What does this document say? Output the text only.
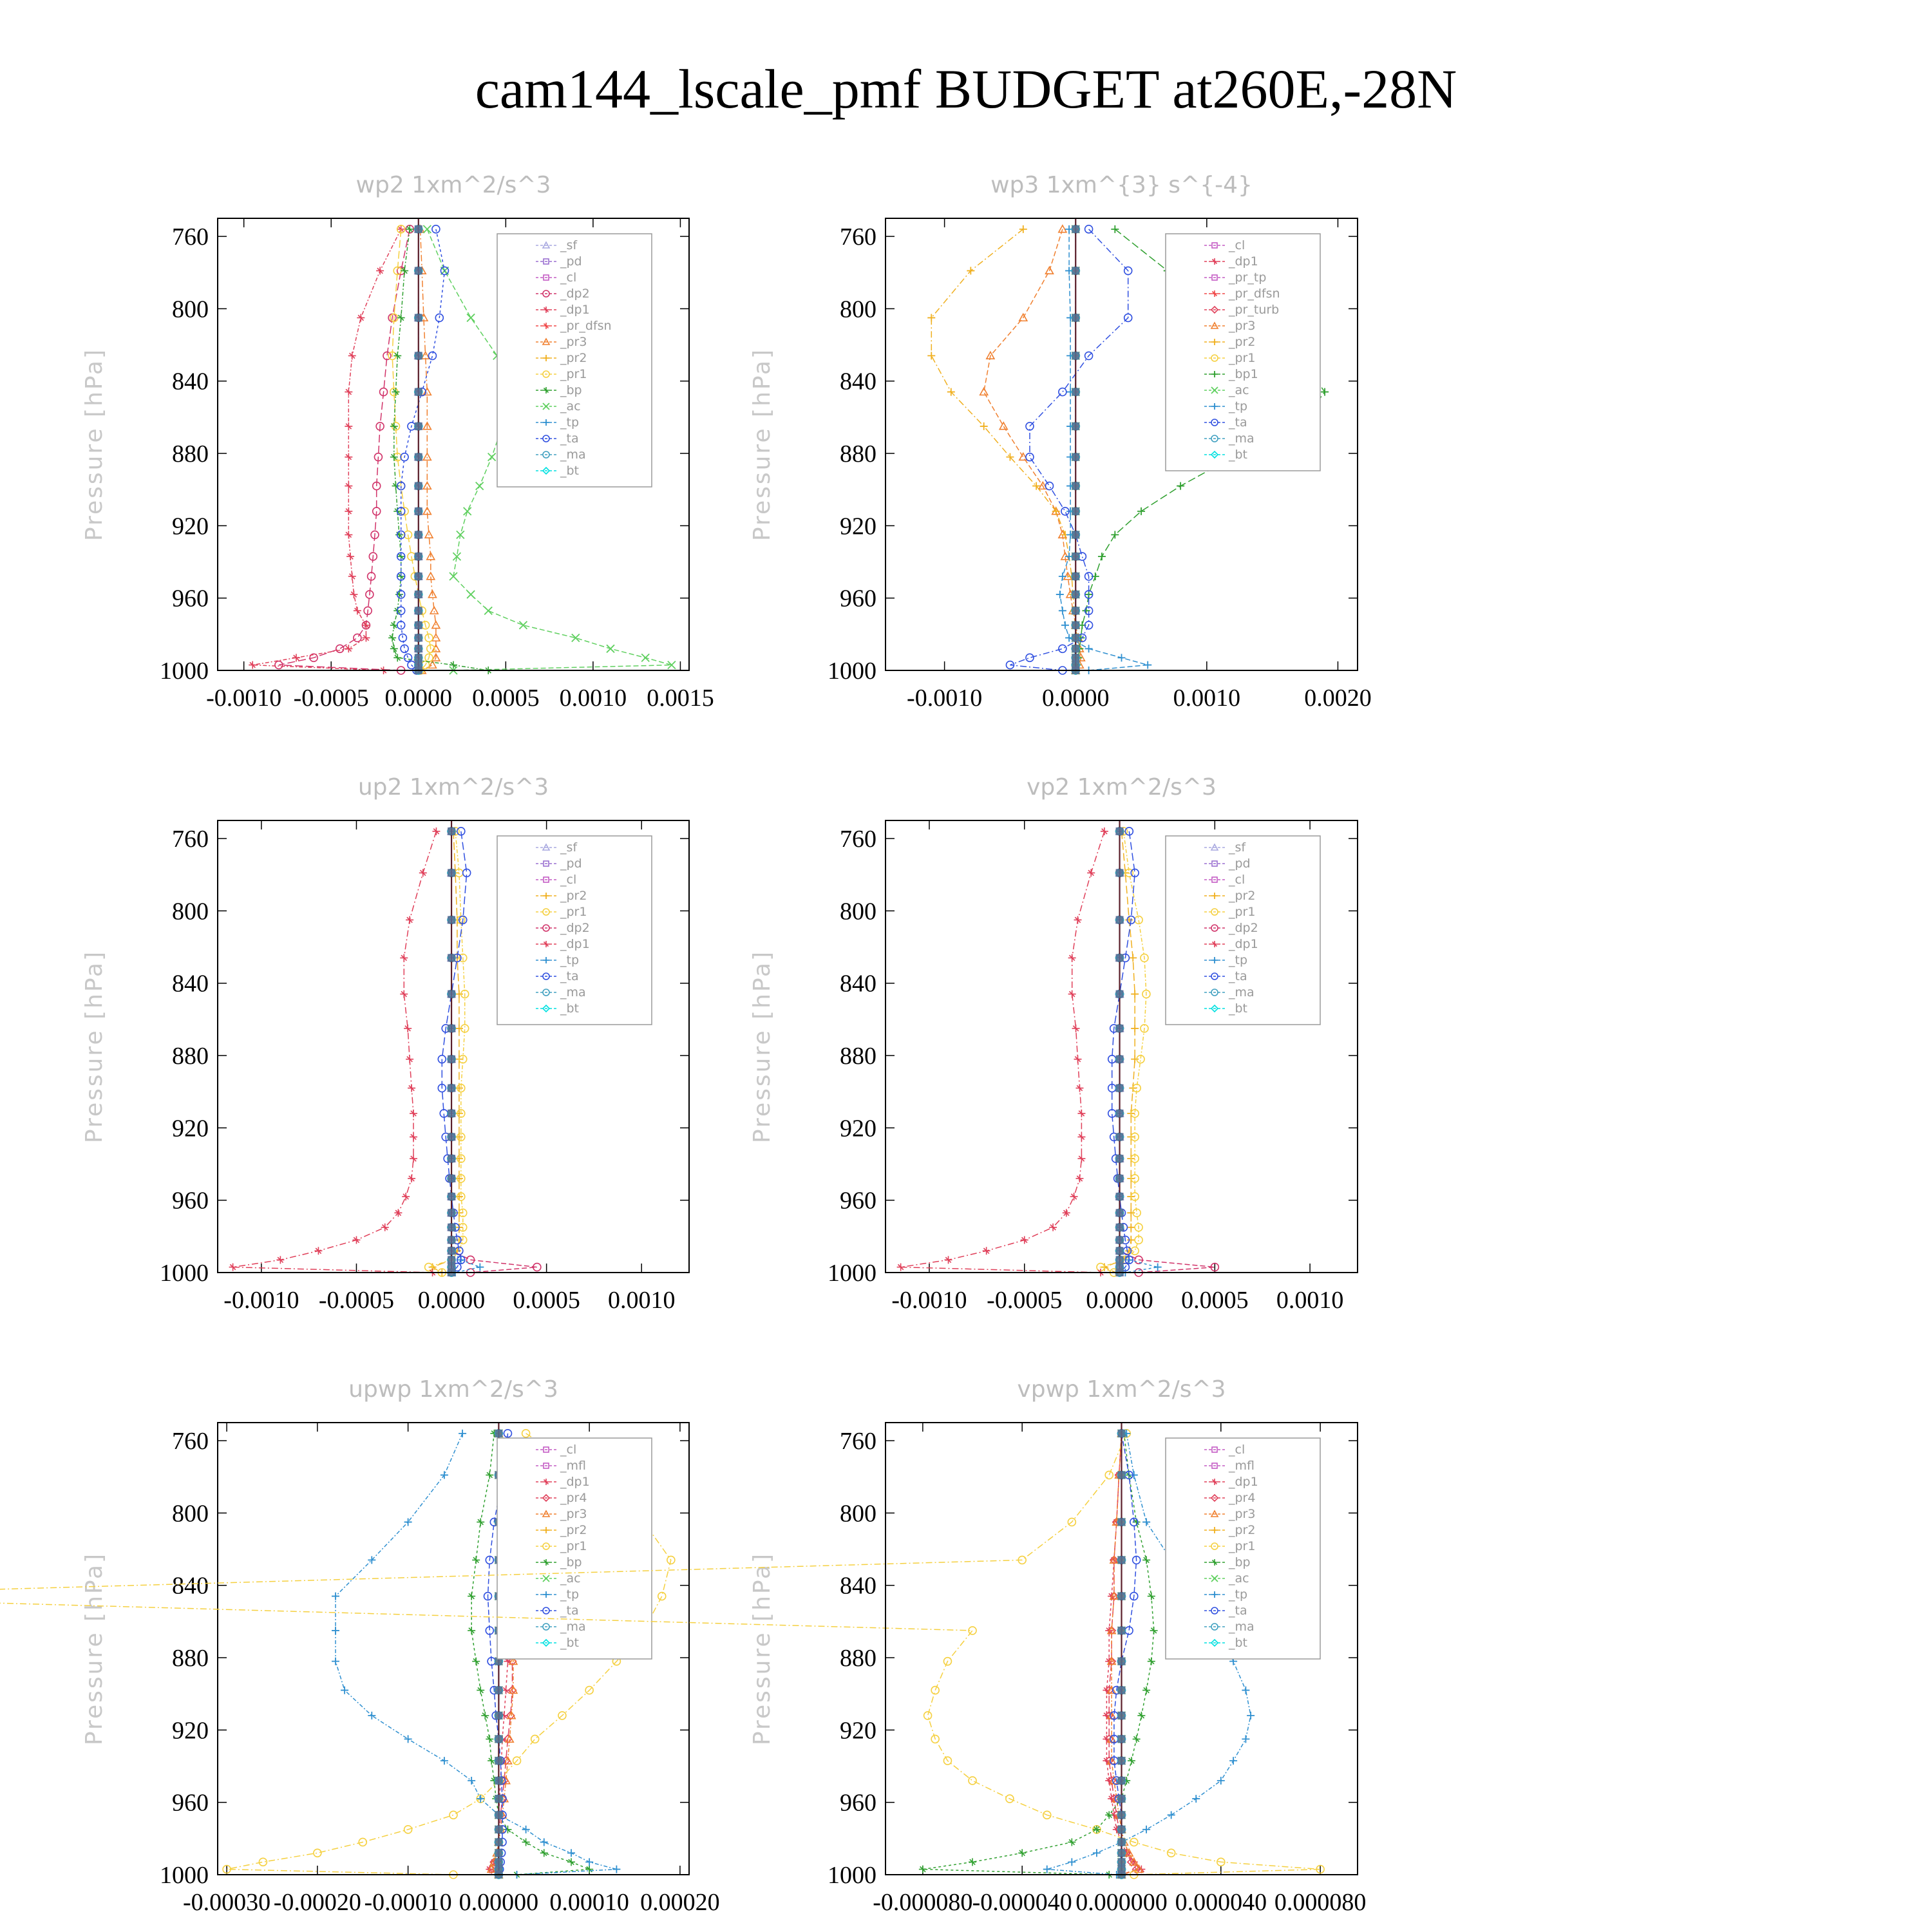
cam144_lscale_pmf BUDGET at260E,-28N
wp2 1xm^2/s^3
Pressure [hPa]
760
800
840
880
920
960
1000
-0.0010 -0.0005 0.0000 0.0005 0.0010 0.0015
_sf
_pd
_cl
_dp2
_dp1
_pr_dfsn
_pr3
_pr2
_pr1
_bp
_ac
_tp
_ta
_ma
_bt
wp3 1xm^{3} s^{-4}
Pressure [hPa]
760
800
840
880
920
960
1000
-0.0010 0.0000	0.0010	0.0020
_cl
_dp1
_pr_tp
_pr_dfsn
_pr_turb
_pr3
_pr2
_pr1
_bp1
_ac
_tp
_ta
_ma
_bt
up2 1xm^2/s^3
Pressure [hPa]
760
800
840
880
920
960
1000
-0.0010 -0.0005 0.0000 0.0005 0.0010
_sf
_pd
_cl
_pr2
_pr1
_dp2
_dp1
_tp
_ta
_ma
_bt
vp2 1xm^2/s^3
Pressure [hPa]
760
800
840
880
920
960
1000
-0.0010 -0.0005 0.0000 0.0005 0.0010
_sf
_pd
_cl
_pr2
_pr1
_dp2
_dp1
_tp
_ta
_ma
_bt
upwp 1xm^2/s^3
Pressure [hPa]
760
800
840
880
920
960
1000
-0.00030 -0.00020 -0.00010 0.00000 0.00010 0.00020
_cl
_mfl
_dp1
_pr4
_pr3
_pr2
_pr1
_bp
_ac
_tp
_ta
_ma
_bt
vpwp 1xm^2/s^3
Pressure [hPa]
760
800
840
880
920
960
1000
-0.000080 -0.000040 0.000000 0.000040 0.000080
_cl
_mfl
_dp1
_pr4
_pr3
_pr2
_pr1
_bp
_ac
_tp
_ta
_ma
_bt
